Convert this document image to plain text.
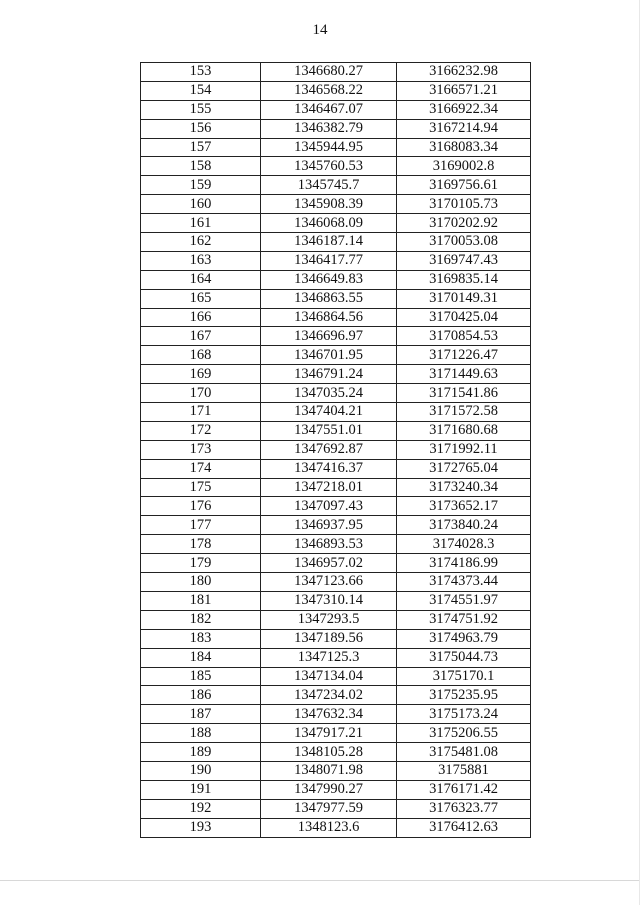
14
153	1346680.27	3166232.98
154	1346568.22	3166571.21
155	1346467.07	3166922.34
156	1346382.79	3167214.94
157	1345944.95	3168083.34
158	1345760.53	3169002.8
159	1345745.7	3169756.61
160	1345908.39	3170105.73
161	1346068.09	3170202.92
162	1346187.14	3170053.08
163	1346417.77	3169747.43
164	1346649.83	3169835.14
165	1346863.55	3170149.31
166	1346864.56	3170425.04
167	1346696.97	3170854.53
168	1346701.95	3171226.47
169	1346791.24	3171449.63
170	1347035.24	3171541.86
171	1347404.21	3171572.58
172	1347551.01	3171680.68
173	1347692.87	3171992.11
174	1347416.37	3172765.04
175	1347218.01	3173240.34
176	1347097.43	3173652.17
177	1346937.95	3173840.24
178	1346893.53	3174028.3
179	1346957.02	3174186.99
180	1347123.66	3174373.44
181	1347310.14	3174551.97
182	1347293.5	3174751.92
183	1347189.56	3174963.79
184	1347125.3	3175044.73
185	1347134.04	3175170.1
186	1347234.02	3175235.95
187	1347632.34	3175173.24
188	1347917.21	3175206.55
189	1348105.28	3175481.08
190	1348071.98	3175881
191	1347990.27	3176171.42
192	1347977.59	3176323.77
193	1348123.6	3176412.63
